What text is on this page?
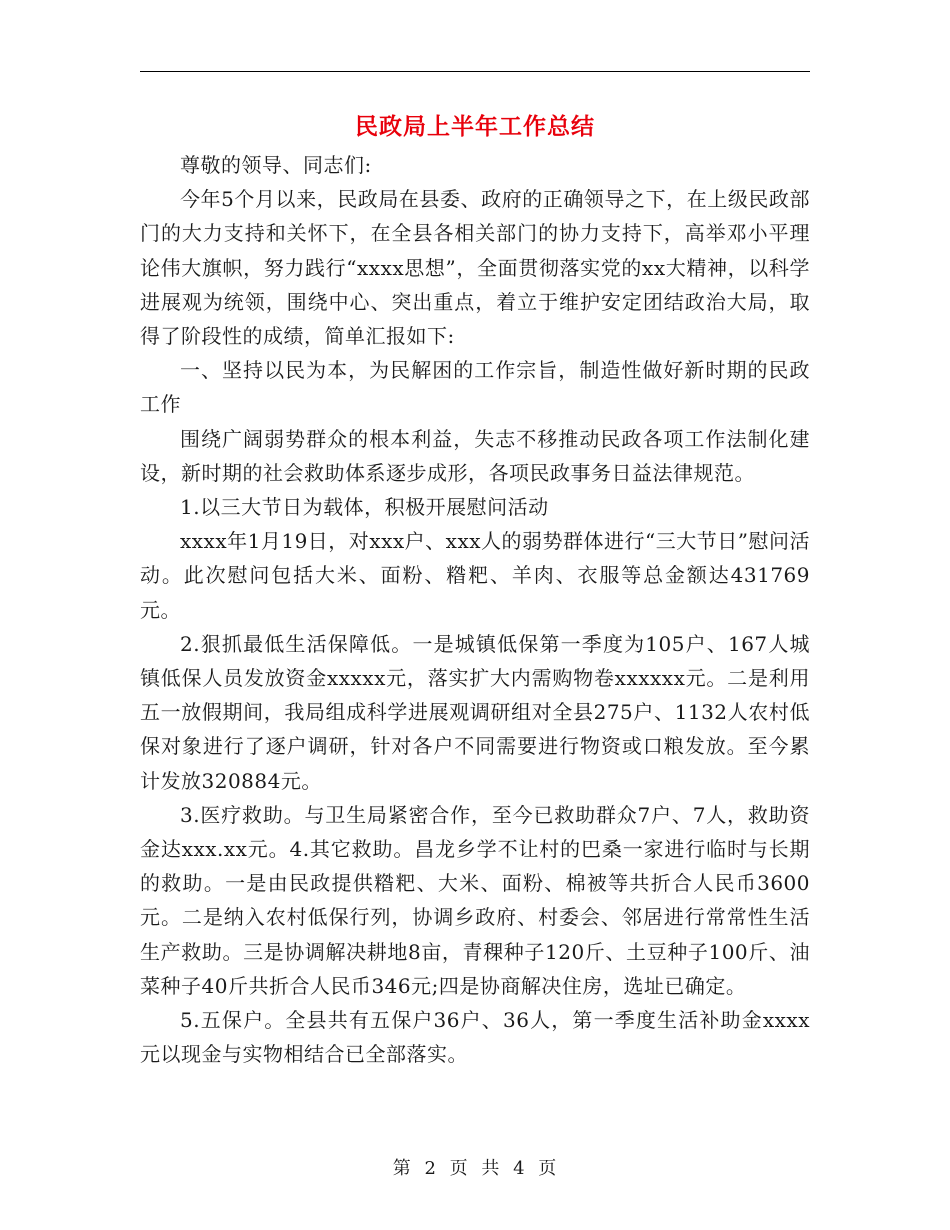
民政局上半年工作总结

尊敬的领导、同志们:

今年5个月以来，民政局在县委、政府的正确领导之下，在上级民政部门的大力支持和关怀下，在全县各相关部门的协力支持下，高举邓小平理论伟大旗帜，努力践行“xxxx思想”，全面贯彻落实党的xx大精神，以科学进展观为统领，围绕中心、突出重点，着立于维护安定团结政治大局，取得了阶段性的成绩，简单汇报如下:

一、坚持以民为本，为民解困的工作宗旨，制造性做好新时期的民政工作

围绕广阔弱势群众的根本利益，失志不移推动民政各项工作法制化建设，新时期的社会救助体系逐步成形，各项民政事务日益法律规范。

1.以三大节日为载体，积极开展慰问活动

xxxx年1月19日，对xxx户、xxx人的弱势群体进行“三大节日”慰问活动。此次慰问包括大米、面粉、糌粑、羊肉、衣服等总金额达431769元。

2.狠抓最低生活保障低。一是城镇低保第一季度为105户、167人城镇低保人员发放资金xxxxx元，落实扩大内需购物卷xxxxxx元。二是利用五一放假期间，我局组成科学进展观调研组对全县275户、1132人农村低保对象进行了逐户调研，针对各户不同需要进行物资或口粮发放。至今累计发放320884元。

3.医疗救助。与卫生局紧密合作，至今已救助群众7户、7人，救助资金达xxx.xx元。4.其它救助。昌龙乡学不让村的巴桑一家进行临时与长期的救助。一是由民政提供糌粑、大米、面粉、棉被等共折合人民币3600元。二是纳入农村低保行列，协调乡政府、村委会、邻居进行常常性生活生产救助。三是协调解决耕地8亩，青稞种子120斤、土豆种子100斤、油菜种子40斤共折合人民币346元;四是协商解决住房，选址已确定。

5.五保户。全县共有五保户36户、36人，第一季度生活补助金xxxx元以现金与实物相结合已全部落实。

第 2 页 共 4 页
